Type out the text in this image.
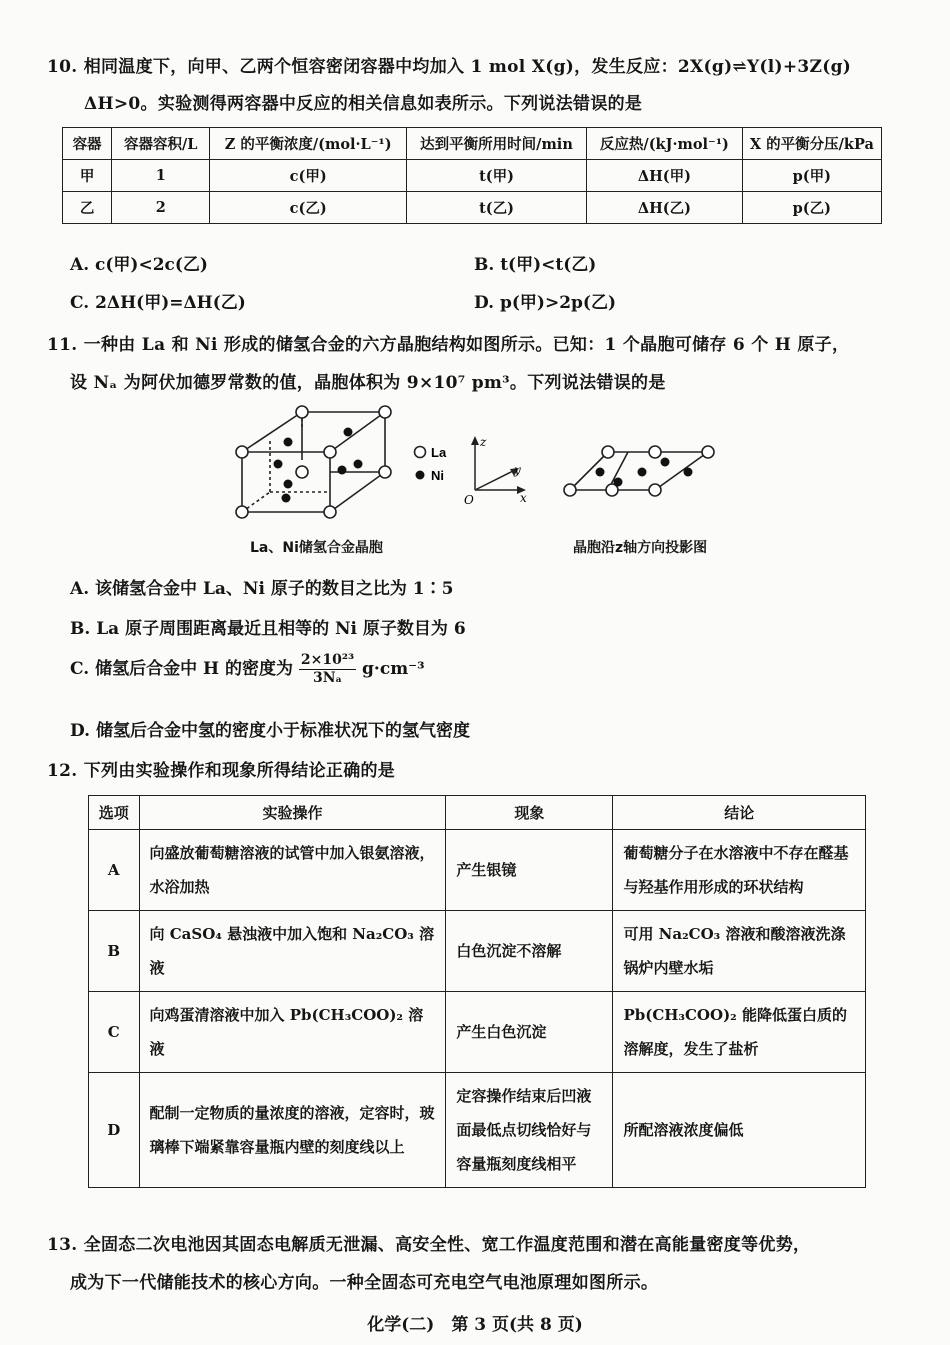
10. 相同温度下，向甲、乙两个恒容密闭容器中均加入 1 mol X(g)，发生反应：2X(g)⇌Y(l)+3Z(g)
ΔH>0。实验测得两容器中反应的相关信息如表所示。下列说法错误的是
容器	容器容积/L	Z 的平衡浓度/(mol·L⁻¹)	达到平衡所用时间/min	反应热/(kJ·mol⁻¹)	X 的平衡分压/kPa
甲	1	c(甲)	t(甲)	ΔH(甲)	p(甲)
乙	2	c(乙)	t(乙)	ΔH(乙)	p(乙)
A. c(甲)<2c(乙)	B. t(甲)<t(乙)
C. 2ΔH(甲)=ΔH(乙)	D. p(甲)>2p(乙)
11. 一种由 La 和 Ni 形成的储氢合金的六方晶胞结构如图所示。已知：1 个晶胞可储存 6 个 H 原子，
设 Nₐ 为阿伏加德罗常数的值，晶胞体积为 9×10⁷ pm³。下列说法错误的是
La
Ni
z
y
x
O
La、Ni储氢合金晶胞	晶胞沿z轴方向投影图
A. 该储氢合金中 La、Ni 原子的数目之比为 1∶5
B. La 原子周围距离最近且相等的 Ni 原子数目为 6
C. 储氢后合金中 H 的密度为 $\frac{\text{2×10²³}}{\text{3Nₐ}} g\cdot cm^{-3}$
D. 储氢后合金中氢的密度小于标准状况下的氢气密度
12. 下列由实验操作和现象所得结论正确的是
选项	实验操作	现象	结论
A	向盛放葡萄糖溶液的试管中加入银氨溶液，水浴加热	产生银镜	葡萄糖分子在水溶液中不存在醛基与羟基作用形成的环状结构
B	向 CaSO₄ 悬浊液中加入饱和 Na₂CO₃ 溶液	白色沉淀不溶解	可用 Na₂CO₃ 溶液和酸溶液洗涤锅炉内壁水垢
C	向鸡蛋清溶液中加入 Pb(CH₃COO)₂ 溶液	产生白色沉淀	Pb(CH₃COO)₂ 能降低蛋白质的溶解度，发生了盐析
D	配制一定物质的量浓度的溶液，定容时，玻璃棒下端紧靠容量瓶内壁的刻度线以上	定容操作结束后凹液面最低点切线恰好与容量瓶刻度线相平	所配溶液浓度偏低
13. 全固态二次电池因其固态电解质无泄漏、高安全性、宽工作温度范围和潜在高能量密度等优势，
成为下一代储能技术的核心方向。一种全固态可充电空气电池原理如图所示。
化学(二)　第 3 页(共 8 页)
